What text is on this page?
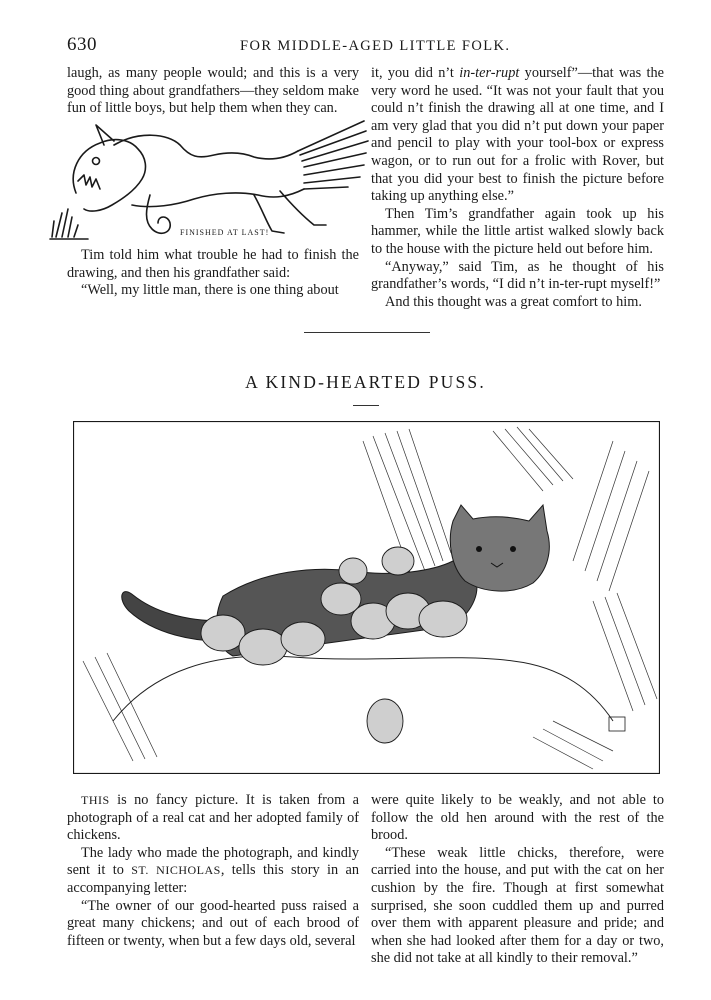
630	FOR MIDDLE-AGED LITTLE FOLK.

laugh, as many people would; and this is a very good thing about grandfathers—they seldom make fun of little boys, but help them when they can.

FINISHED AT LAST!

Tim told him what trouble he had to finish the drawing, and then his grandfather said:

“Well, my little man, there is one thing about

it, you did n’t in-ter-rupt yourself”—that was the very word he used. “It was not your fault that you could n’t finish the drawing all at one time, and I am very glad that you did n’t put down your paper and pencil to play with your tool-box or express wagon, or to run out for a frolic with Rover, but that you did your best to finish the picture before taking up anything else.”

Then Tim’s grandfather again took up his hammer, while the little artist walked slowly back to the house with the picture held out before him.

“Anyway,” said Tim, as he thought of his grandfather’s words, “I did n’t in-ter-rupt myself!”

And this thought was a great comfort to him.

A KIND-HEARTED PUSS.

THIS is no fancy picture. It is taken from a photograph of a real cat and her adopted family of chickens.

The lady who made the photograph, and kindly sent it to ST. NICHOLAS, tells this story in an accompanying letter:

“The owner of our good-hearted puss raised a great many chickens; and out of each brood of fifteen or twenty, when but a few days old, several

were quite likely to be weakly, and not able to follow the old hen around with the rest of the brood.

“These weak little chicks, therefore, were carried into the house, and put with the cat on her cushion by the fire. Though at first somewhat surprised, she soon cuddled them up and purred over them with apparent pleasure and pride; and when she had looked after them for a day or two, she did not take at all kindly to their removal.”
